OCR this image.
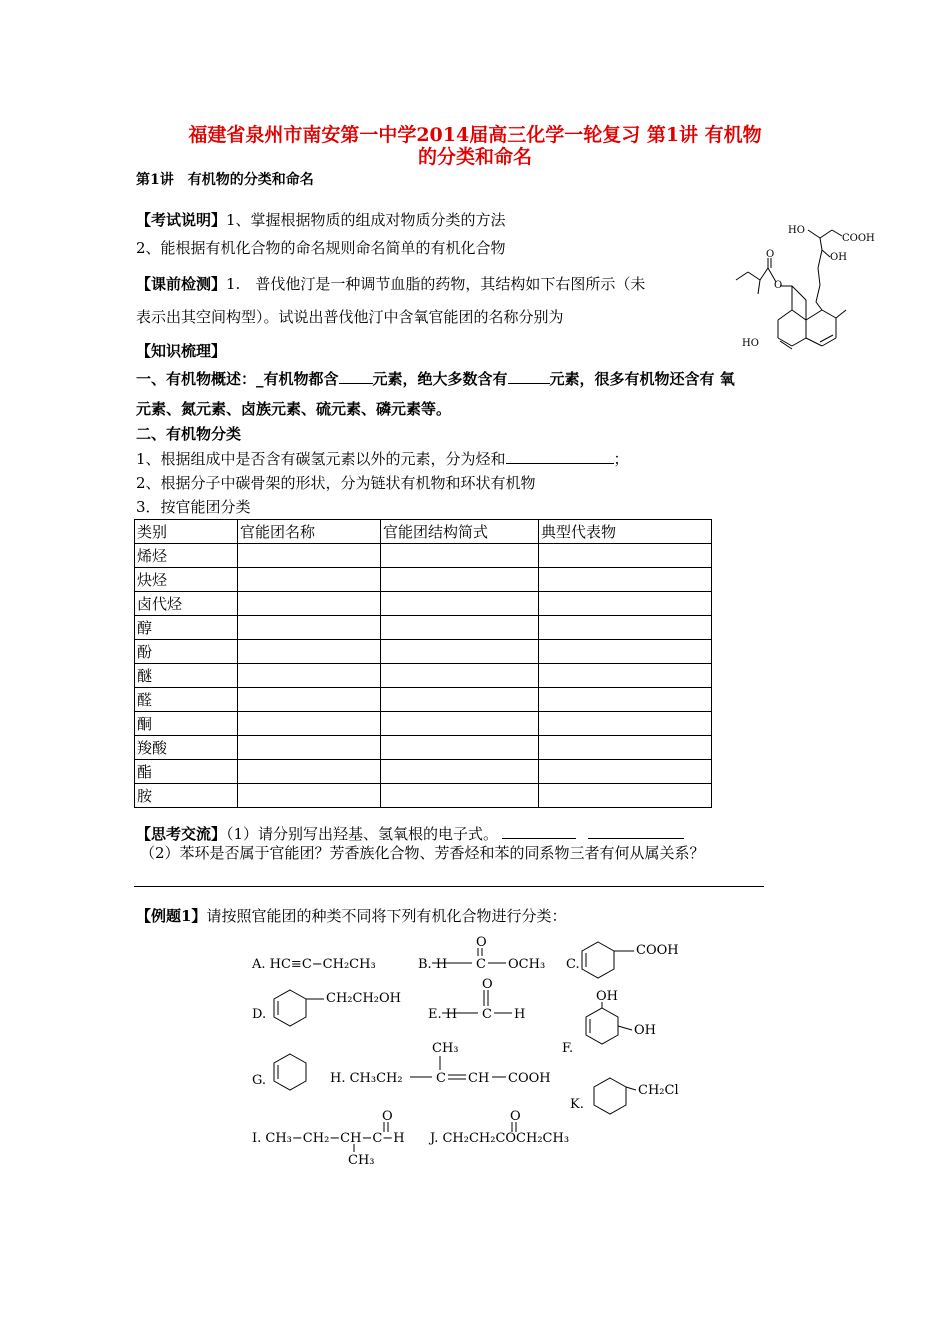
福建省泉州市南安第一中学2014届高三化学一轮复习 第1讲 有机物
的分类和命名
第1讲　有机物的分类和命名
【考试说明】1、掌握根据物质的组成对物质分类的方法
2、能根据有机化合物的命名规则命名简单的有机化合物
【课前检测】1.　普伐他汀是一种调节血脂的药物，其结构如下右图所示（未
表示出其空间构型）。试说出普伐他汀中含氧官能团的名称分别为
HO
COOH
OH
O
O
HO
【知识梳理】
一、有机物概述：_有机物都含 元素，绝大多数含有	元素，很多有机物还含有 氧
元素、氮元素、卤族元素、硫元素、磷元素等。
二、有机物分类
1、根据组成中是否含有碳氢元素以外的元素，分为烃和	；
2、根据分子中碳骨架的形状，分为链状有机物和环状有机物
3．按官能团分类
类别	官能团名称	官能团结构简式	典型代表物
烯烃			
炔烃			
卤代烃			
醇			
酚			
醚			
醛			
酮			
羧酸			
酯			
胺			
【思考交流】（1）请分别写出羟基、氢氧根的电子式。
（2）苯环是否属于官能团？芳香族化合物、芳香烃和苯的同系物三者有何从属关系？
【例题1】请按照官能团的种类不同将下列有机化合物进行分类：
A. HC≡C−CH₂CH₃	B. H C
O
OCH₃ C.
COOH
D.
CH₂CH₂OH
E. H C
O
H
F.
OH
OH
G.	H. CH₃CH₂	C
CH₃
CH COOH
K.
CH₂Cl
I. CH₃−CH₂−CH−C−H
O
CH₃
J. CH₂CH₂COCH₂CH₃
O
